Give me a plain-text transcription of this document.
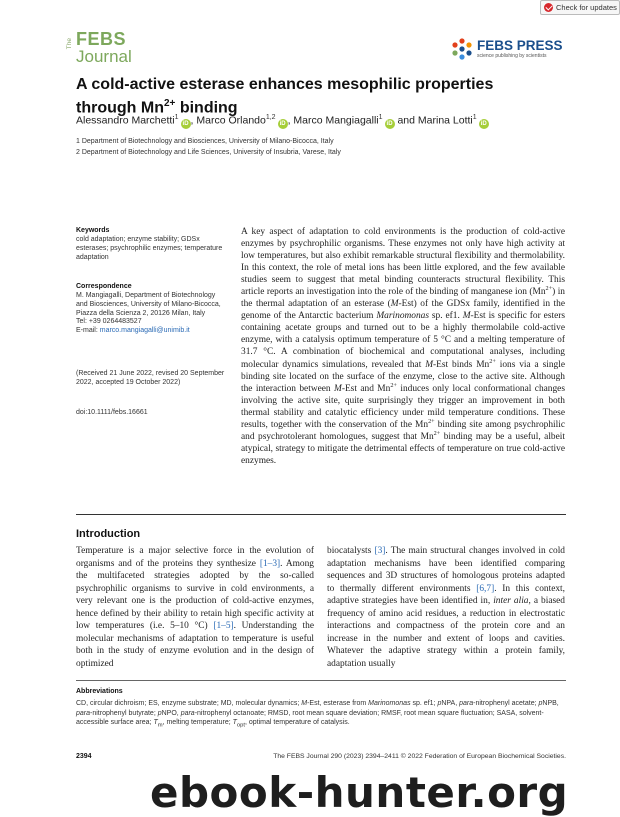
Check for updates
The FEBS
Journal
FEBS PRESS
science publishing by scientists
A cold-active esterase enhances mesophilic properties
through $Mn^{2+}$ binding
Alessandro Marchetti$^1$iD , Marco Orlando$^{1,2}$iD , Marco Mangiagalli$^1$iD and Marina Lotti$^1$iD
1 Department of Biotechnology and Biosciences, University of Milano-Bicocca, Italy
2 Department of Biotechnology and Life Sciences, University of Insubria, Varese, Italy
Keywords
cold adaptation; enzyme stability; GDSx esterases; psychrophilic enzymes; temperature adaptation
Correspondence
M. Mangiagalli, Department of Biotechnology and Biosciences, University of Milano-Bicocca, Piazza della Scienza 2, 20126 Milan, Italy
Tel: +39 0264483527
E-mail: marco.mangiagalli@unimib.it
(Received 21 June 2022, revised 20 September 2022, accepted 19 October 2022)
doi:10.1111/febs.16661
A key aspect of adaptation to cold environments is the production of cold-active enzymes by psychrophilic organisms. These enzymes not only have high activity at low temperatures, but also exhibit remarkable structural flexibility and thermolability. In this context, the role of metal ions has been little explored, and the few available studies seem to suggest that metal binding counteracts structural flexibility. This article reports an investigation into the role of the binding of manganese ion $(Mn^{2+})$ in the thermal adaptation of an esterase (M-Est) of the GDSx family, identified in the genome of the Antarctic bacterium Marinomonas sp. ef1. M-Est is specific for esters containing acetate groups and turned out to be a highly thermolabile cold-active enzyme, with a catalysis optimum temperature of 5 °C and a melting temperature of 31.7 °C. A combination of biochemical and computational analyses, including molecular dynamics simulations, revealed that M-Est binds $Mn^{2+}$ ions via a single binding site located on the surface of the enzyme, close to the active site. Although the interaction between M-Est and $Mn^{2+}$ induces only local conformational changes involving the active site, quite surprisingly they trigger an improvement in both thermal stability and catalytic efficiency under mild temperature conditions. These results, together with the conservation of the $Mn^{2+}$ binding site among psychrophilic and psychrotolerant homologues, suggest that $Mn^{2+}$ binding may be a useful, albeit atypical, strategy to mitigate the detrimental effects of temperature on true cold-active enzymes.
Introduction
Temperature is a major selective force in the evolution of organisms and of the proteins they synthesize [1–3]. Among the multifaceted strategies adopted by the so-called psychrophilic organisms to survive in cold environments, a very relevant one is the production of cold-active enzymes, hence defined by their ability to retain high specific activity at low temperatures (i.e. 5–10 °C) [1–5]. Understanding the molecular mechanisms of adaptation to temperature is useful both in the study of enzyme evolution and in the design of optimized
biocatalysts [3]. The main structural changes involved in cold adaptation mechanisms have been identified comparing sequences and 3D structures of homologous proteins adapted to thermally different environments [6,7]. In this context, adaptive strategies have been identified in, inter alia, a biased frequency of amino acid residues, a reduction in electrostatic interactions and compactness of the protein core and an increase in the number and extent of loops and cavities. Whatever the adaptive strategy within a protein family, adaptation usually
Abbreviations
CD, circular dichroism; ES, enzyme substrate; MD, molecular dynamics; M-Est, esterase from Marinomonas sp. ef1; pNPA, para-nitrophenyl acetate; pNPB, para-nitrophenyl butyrate; pNPO, para-nitrophenyl octanoate; RMSD, root mean square deviation; RMSF, root mean square fluctuation; SASA, solvent-accessible surface area; $T_m$, melting temperature; $T_{opt}$, optimal temperature of catalysis.
2394	The FEBS Journal 290 (2023) 2394–2411 © 2022 Federation of European Biochemical Societies.
ebook-hunter.org
